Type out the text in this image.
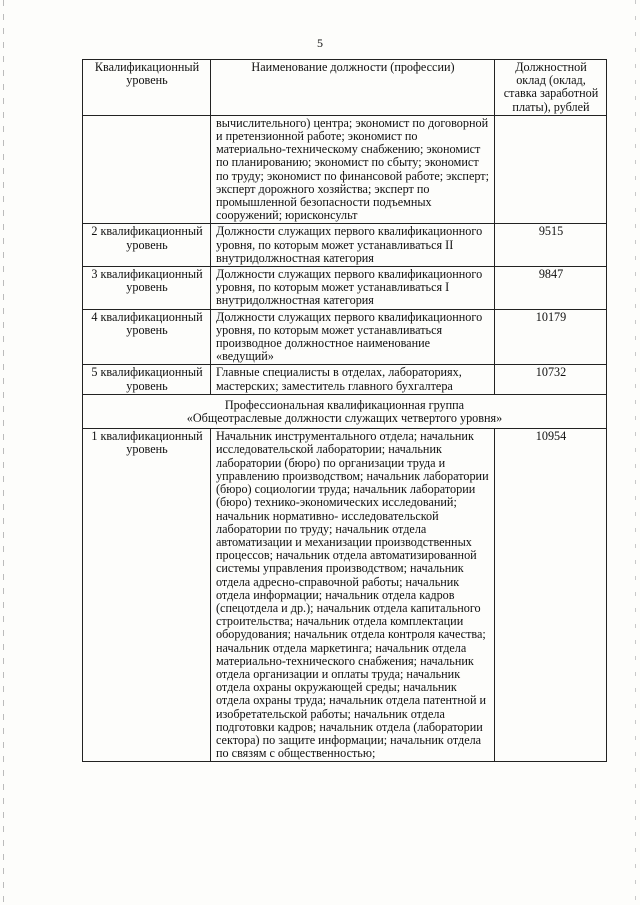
5
Квалификационный уровень	Наименование должности (профессии)	Должностной оклад (оклад, ставка заработной платы), рублей
	вычислительного) центра; экономист по договорной и претензионной работе; экономист по материально-техническому снабжению; экономист по планированию; экономист по сбыту; экономист по труду; экономист по финансовой работе; эксперт; эксперт дорожного хозяйства; эксперт по промышленной безопасности подъемных сооружений; юрисконсульт	
2 квалификационный уровень	Должности служащих первого квалификационного уровня, по которым может устанавливаться II внутридолжностная категория	9515
3 квалификационный уровень	Должности служащих первого квалификационного уровня, по которым может устанавливаться I внутридолжностная категория	9847
4 квалификационный уровень	Должности служащих первого квалификационного уровня, по которым может устанавливаться производное должностное наименование «ведущий»	10179
5 квалификационный уровень	Главные специалисты в отделах, лабораториях, мастерских; заместитель главного бухгалтера	10732

Профессиональная квалификационная группа
«Общеотраслевые должности служащих четвертого уровня»		

1 квалификационный уровень	Начальник инструментального отдела; начальник исследовательской лаборатории; начальник лаборатории (бюро) по организации труда и управлению производством; начальник лаборатории (бюро) социологии труда; начальник лаборатории (бюро) технико-экономических исследований; начальник нормативно- исследовательской лаборатории по труду; начальник отдела автоматизации и механизации производственных процессов; начальник отдела автоматизированной системы управления производством; начальник отдела адресно-справочной работы; начальник отдела информации; начальник отдела кадров (спецотдела и др.); начальник отдела капитального строительства; начальник отдела комплектации оборудования; начальник отдела контроля качества; начальник отдела маркетинга; начальник отдела материально-технического снабжения; начальник отдела организации и оплаты труда; начальник отдела охраны окружающей среды; начальник отдела охраны труда; начальник отдела патентной и изобретательской работы; начальник отдела подготовки кадров; начальник отдела (лаборатории сектора) по защите информации; начальник отдела по связям с общественностью;	10954
